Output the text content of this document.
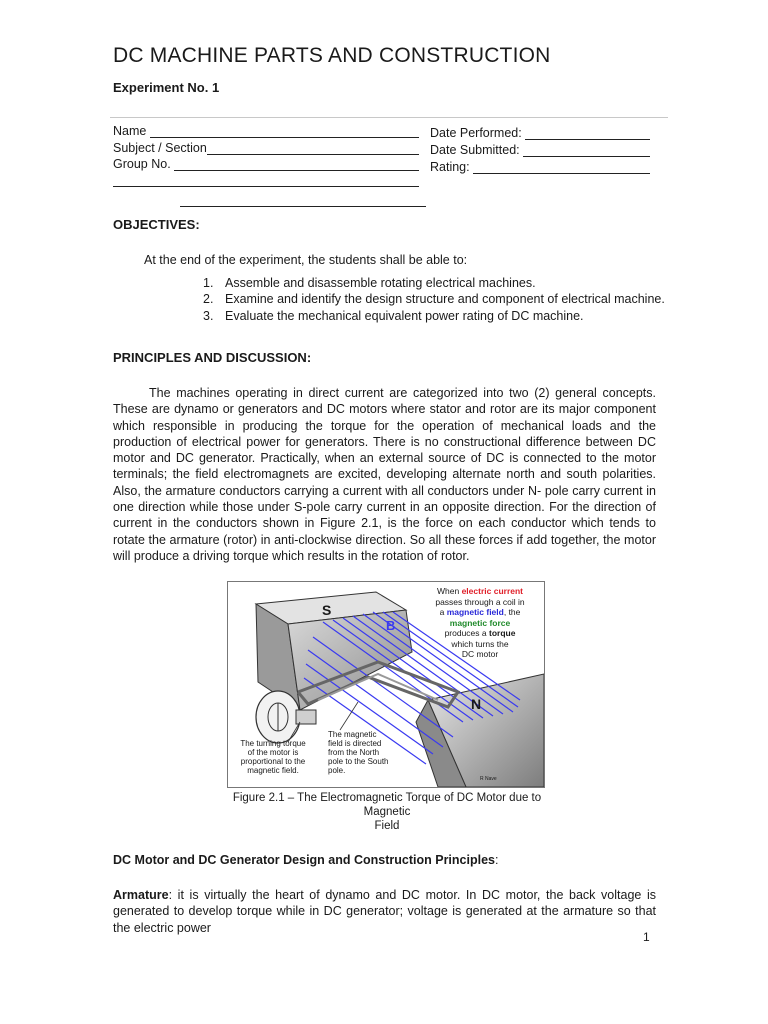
DC MACHINE PARTS AND CONSTRUCTION
Experiment No. 1
Name
Subject / Section
Group No.
Date Performed:
Date Submitted:
Rating:
OBJECTIVES:
At the end of the experiment, the students shall be able to:
1. Assemble and disassemble rotating electrical machines.
2. Examine and identify the design structure and component of electrical machine.
3. Evaluate the mechanical equivalent power rating of DC machine.
PRINCIPLES AND DISCUSSION:
The machines operating in direct current are categorized into two (2) general concepts. These are dynamo or generators and DC motors where stator and rotor are its major component which responsible in producing the torque for the operation of mechanical loads and the production of electrical power for generators. There is no constructional difference between DC motor and DC generator. Practically, when an external source of DC is connected to the motor terminals; the field electromagnets are excited, developing alternate north and south polarities. Also, the armature conductors carrying a current with all conductors under N- pole carry current in one direction while those under S-pole carry current in an opposite direction. For the direction of current in the conductors shown in Figure 2.1, is the force on each conductor which tends to rotate the armature (rotor) in anti-clockwise direction. So all these forces if add together, the motor will produce a driving torque which results in the rotation of rotor.
S
N
B
When electric current
passes through a coil in
a magnetic field, the
magnetic force
produces a torque
which turns the
DC motor
The turning torque
of the motor is
proportional to the
magnetic field.
The magnetic
field is directed
from the North
pole to the South
pole.
R Nave
Figure 2.1 – The Electromagnetic Torque of DC Motor due to Magnetic
Field
DC Motor and DC Generator Design and Construction Principles:
Armature: it is virtually the heart of dynamo and DC motor. In DC motor, the back voltage is generated to develop torque while in DC generator; voltage is generated at the armature so that the electric power
1
